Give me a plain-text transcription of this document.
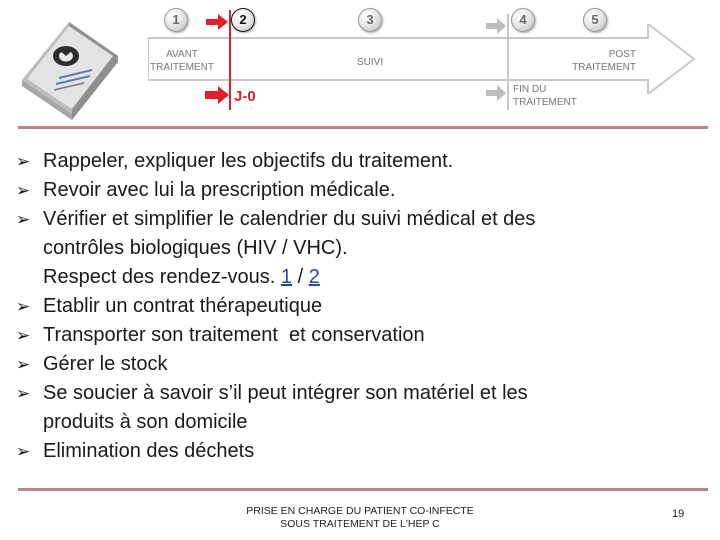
1	2	3	4	5
J-0
AVANT
TRAITEMENT	SUIVI
POST
TRAITEMENT
FIN DU
TRAITEMENT
➢ Rappeler, expliquer les objectifs du traitement.
➢ Revoir avec lui la prescription médicale.
➢ Vérifier et simplifier le calendrier du suivi médical et des
contrôles biologiques (HIV / VHC).
Respect des rendez-vous. 1 / 2
➢ Etablir un contrat thérapeutique
➢ Transporter son traitement  et conservation
➢ Gérer le stock
➢ Se soucier à savoir s’il peut intégrer son matériel et les
produits à son domicile
➢ Elimination des déchets
PRISE EN CHARGE DU PATIENT CO-INFECTE
SOUS TRAITEMENT DE L'HEP C
19
